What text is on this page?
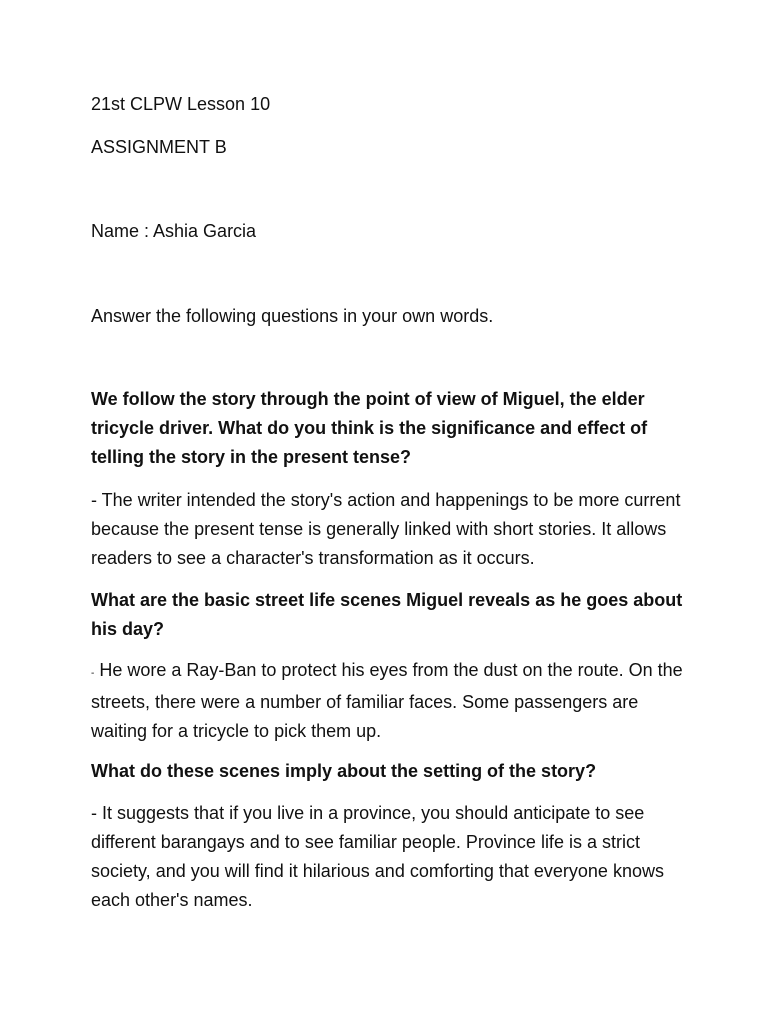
21st CLPW Lesson 10

ASSIGNMENT B

Name : Ashia Garcia

Answer the following questions in your own words.

We follow the story through the point of view of Miguel, the elder tricycle driver. What do you think is the significance and effect of telling the story in the present tense?

- The writer intended the story's action and happenings to be more current because the present tense is generally linked with short stories. It allows readers to see a character's transformation as it occurs.

What are the basic street life scenes Miguel reveals as he goes about his day?

- He wore a Ray-Ban to protect his eyes from the dust on the route. On the streets, there were a number of familiar faces. Some passengers are waiting for a tricycle to pick them up.

What do these scenes imply about the setting of the story?

- It suggests that if you live in a province, you should anticipate to see different barangays and to see familiar people. Province life is a strict society, and you will find it hilarious and comforting that everyone knows each other's names.
